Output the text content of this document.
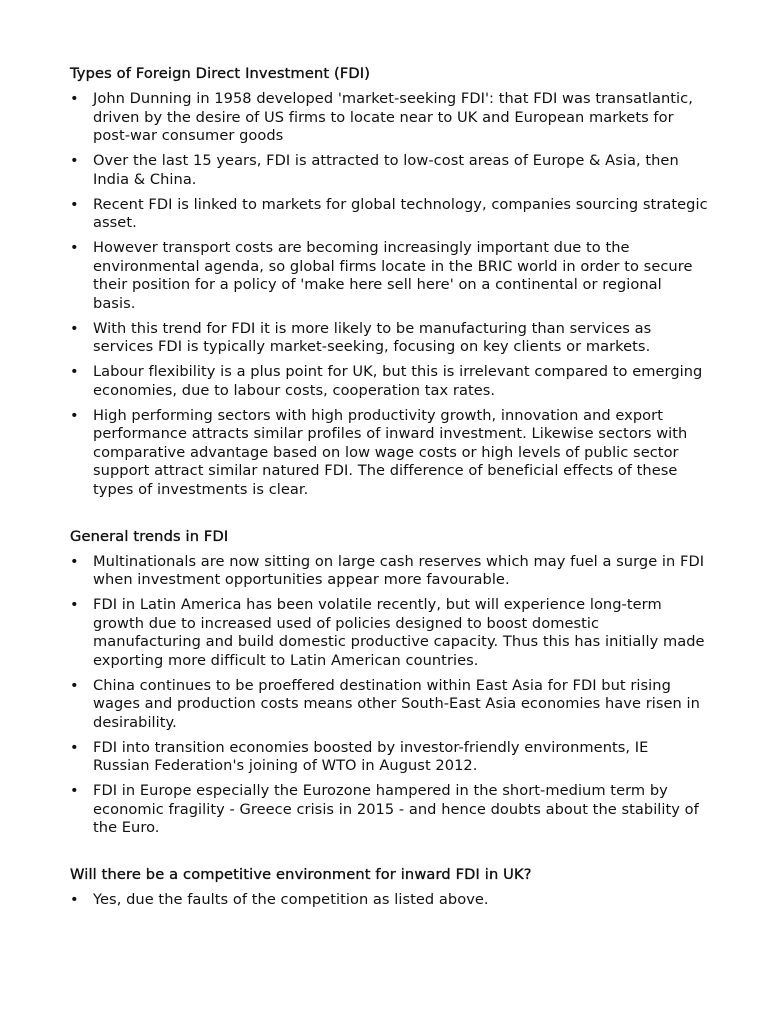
Types of Foreign Direct Investment (FDI)
• John Dunning in 1958 developed 'market-seeking FDI': that FDI was transatlantic, driven by the desire of US firms to locate near to UK and European markets for post-war consumer goods
• Over the last 15 years, FDI is attracted to low-cost areas of Europe & Asia, then India & China.
• Recent FDI is linked to markets for global technology, companies sourcing strategic asset.
• However transport costs are becoming increasingly important due to the environmental agenda, so global firms locate in the BRIC world in order to secure their position for a policy of 'make here sell here' on a continental or regional basis.
• With this trend for FDI it is more likely to be manufacturing than services as services FDI is typically market-seeking, focusing on key clients or markets.
• Labour flexibility is a plus point for UK, but this is irrelevant compared to emerging economies, due to labour costs, cooperation tax rates.
• High performing sectors with high productivity growth, innovation and export performance attracts similar profiles of inward investment. Likewise sectors with comparative advantage based on low wage costs or high levels of public sector support attract similar natured FDI. The difference of beneficial effects of these types of investments is clear.
General trends in FDI
• Multinationals are now sitting on large cash reserves which may fuel a surge in FDI when investment opportunities appear more favourable.
• FDI in Latin America has been volatile recently, but will experience long-term growth due to increased used of policies designed to boost domestic manufacturing and build domestic productive capacity. Thus this has initially made exporting more difficult to Latin American countries.
• China continues to be proeffered destination within East Asia for FDI but rising wages and production costs means other South-East Asia economies have risen in desirability.
• FDI into transition economies boosted by investor-friendly environments, IE Russian Federation's joining of WTO in August 2012.
• FDI in Europe especially the Eurozone hampered in the short-medium term by economic fragility - Greece crisis in 2015 - and hence doubts about the stability of the Euro.
Will there be a competitive environment for inward FDI in UK?
• Yes, due the faults of the competition as listed above.
